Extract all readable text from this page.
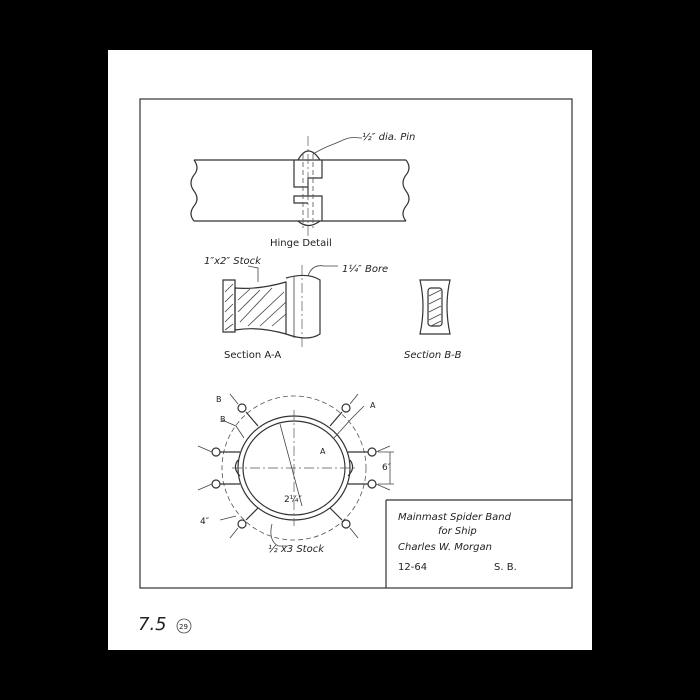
½″ dia. Pin
Hinge Detail
1″x2″ Stock
1¼″ Bore
Section A-A	Section B-B
B
B
A
A
6″
2¼″
4″
½ x3 Stock
Mainmast Spider Band
for Ship
Charles W. Morgan
12-64	S. B.
7.5 29
